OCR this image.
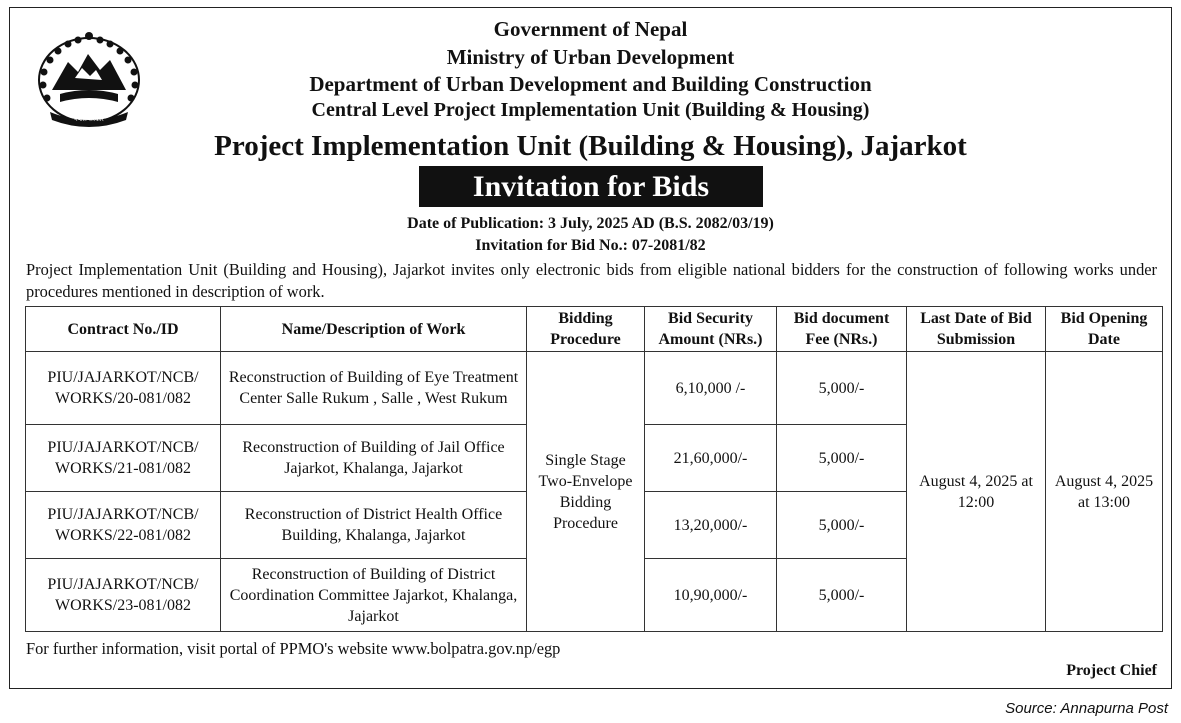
नेपाल सरकार
Government of Nepal
Ministry of Urban Development
Department of Urban Development and Building Construction
Central Level Project Implementation Unit (Building & Housing)
Project Implementation Unit (Building & Housing), Jajarkot
Invitation for Bids
Date of Publication: 3 July, 2025 AD (B.S. 2082/03/19)
Invitation for Bid No.: 07-2081/82
Project Implementation Unit (Building and Housing), Jajarkot invites only electronic bids from eligible national bidders for the construction of following works under procedures mentioned in description of work.
Contract No./ID	Name/Description of Work	Bidding Procedure	Bid Security Amount (NRs.)	Bid document Fee (NRs.)	Last Date of Bid Submission	Bid Opening Date
PIU/JAJARKOT/NCB/ WORKS/20-081/082	Reconstruction of Building of Eye Treatment Center Salle Rukum , Salle , West Rukum	Single Stage Two-Envelope Bidding Procedure	6,10,000 /-	5,000/-	August 4, 2025 at 12:00	August 4, 2025 at 13:00
PIU/JAJARKOT/NCB/ WORKS/21-081/082	Reconstruction of Building of Jail Office Jajarkot, Khalanga, Jajarkot		21,60,000/-	5,000/-		
PIU/JAJARKOT/NCB/ WORKS/22-081/082	Reconstruction of District Health Office Building, Khalanga, Jajarkot		13,20,000/-	5,000/-		
PIU/JAJARKOT/NCB/ WORKS/23-081/082	Reconstruction of Building of District Coordination Committee Jajarkot, Khalanga, Jajarkot		10,90,000/-	5,000/-		
For further information, visit portal of PPMO's website www.bolpatra.gov.np/egp
Project Chief
Source: Annapurna Post
